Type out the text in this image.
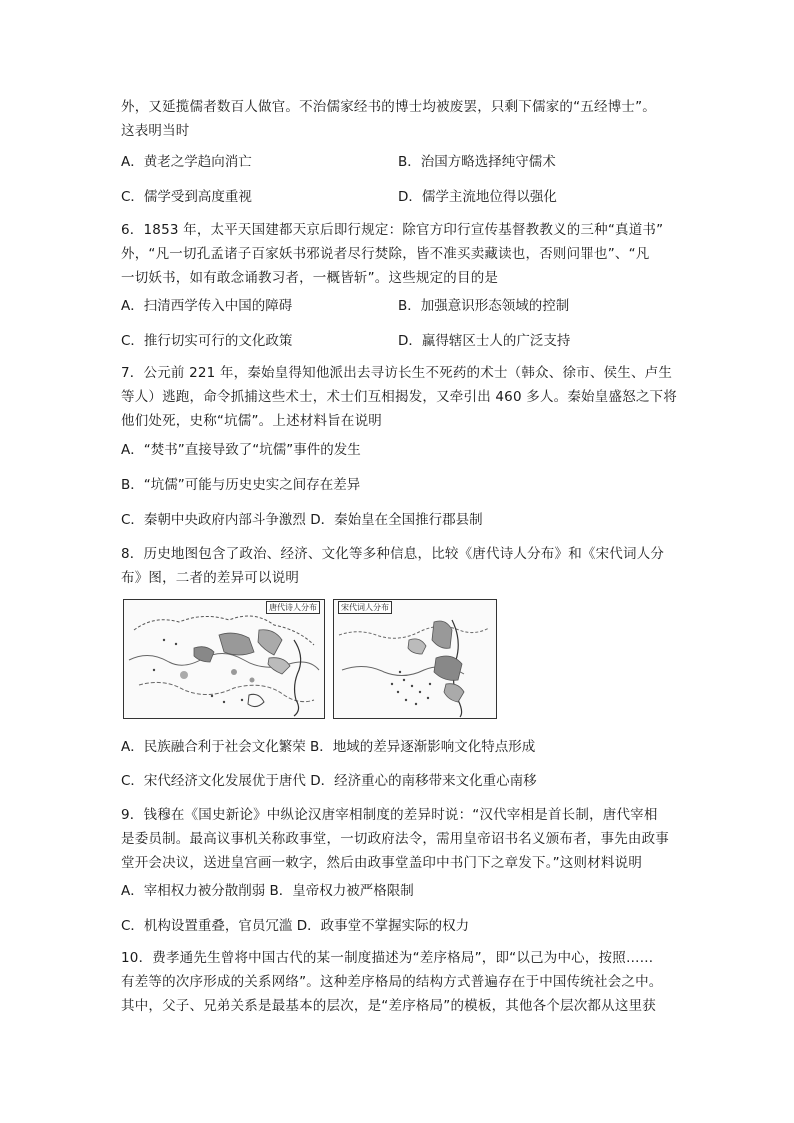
外，又延揽儒者数百人做官。不治儒家经书的博士均被废罢，只剩下儒家的“五经博士”。
这表明当时
A．黄老之学趋向消亡	B．治国方略选择纯守儒术
C．儒学受到高度重视	D．儒学主流地位得以强化
6．1853 年，太平天国建都天京后即行规定：除官方印行宣传基督教教义的三种“真道书”
外，“凡一切孔孟诸子百家妖书邪说者尽行焚除，皆不准买卖藏读也，否则问罪也”、“凡
一切妖书，如有敢念诵教习者，一概皆斩”。这些规定的目的是
A．扫清西学传入中国的障碍	B．加强意识形态领域的控制
C．推行切实可行的文化政策	D．赢得辖区士人的广泛支持
7．公元前 221 年，秦始皇得知他派出去寻访长生不死药的术士（韩众、徐市、侯生、卢生
等人）逃跑，命令抓捕这些术士，术士们互相揭发，又牵引出 460 多人。秦始皇盛怒之下将
他们处死，史称“坑儒”。上述材料旨在说明
A．“焚书”直接导致了“坑儒”事件的发生
B．“坑儒”可能与历史史实之间存在差异
C．秦朝中央政府内部斗争激烈 D．秦始皇在全国推行郡县制
8．历史地图包含了政治、经济、文化等多种信息，比较《唐代诗人分布》和《宋代词人分
布》图，二者的差异可以说明
唐代诗人分布	宋代词人分布
A．民族融合利于社会文化繁荣 B．地域的差异逐渐影响文化特点形成
C．宋代经济文化发展优于唐代 D．经济重心的南移带来文化重心南移
9．钱穆在《国史新论》中纵论汉唐宰相制度的差异时说：“汉代宰相是首长制，唐代宰相
是委员制。最高议事机关称政事堂，一切政府法令，需用皇帝诏书名义颁布者，事先由政事
堂开会决议，送进皇宫画一敕字，然后由政事堂盖印中书门下之章发下。”这则材料说明
A．宰相权力被分散削弱 B．皇帝权力被严格限制
C．机构设置重叠，官员冗滥 D．政事堂不掌握实际的权力
10．费孝通先生曾将中国古代的某一制度描述为“差序格局”，即“以己为中心，按照……
有差等的次序形成的关系网络”。这种差序格局的结构方式普遍存在于中国传统社会之中。
其中，父子、兄弟关系是最基本的层次，是“差序格局”的模板，其他各个层次都从这里获
